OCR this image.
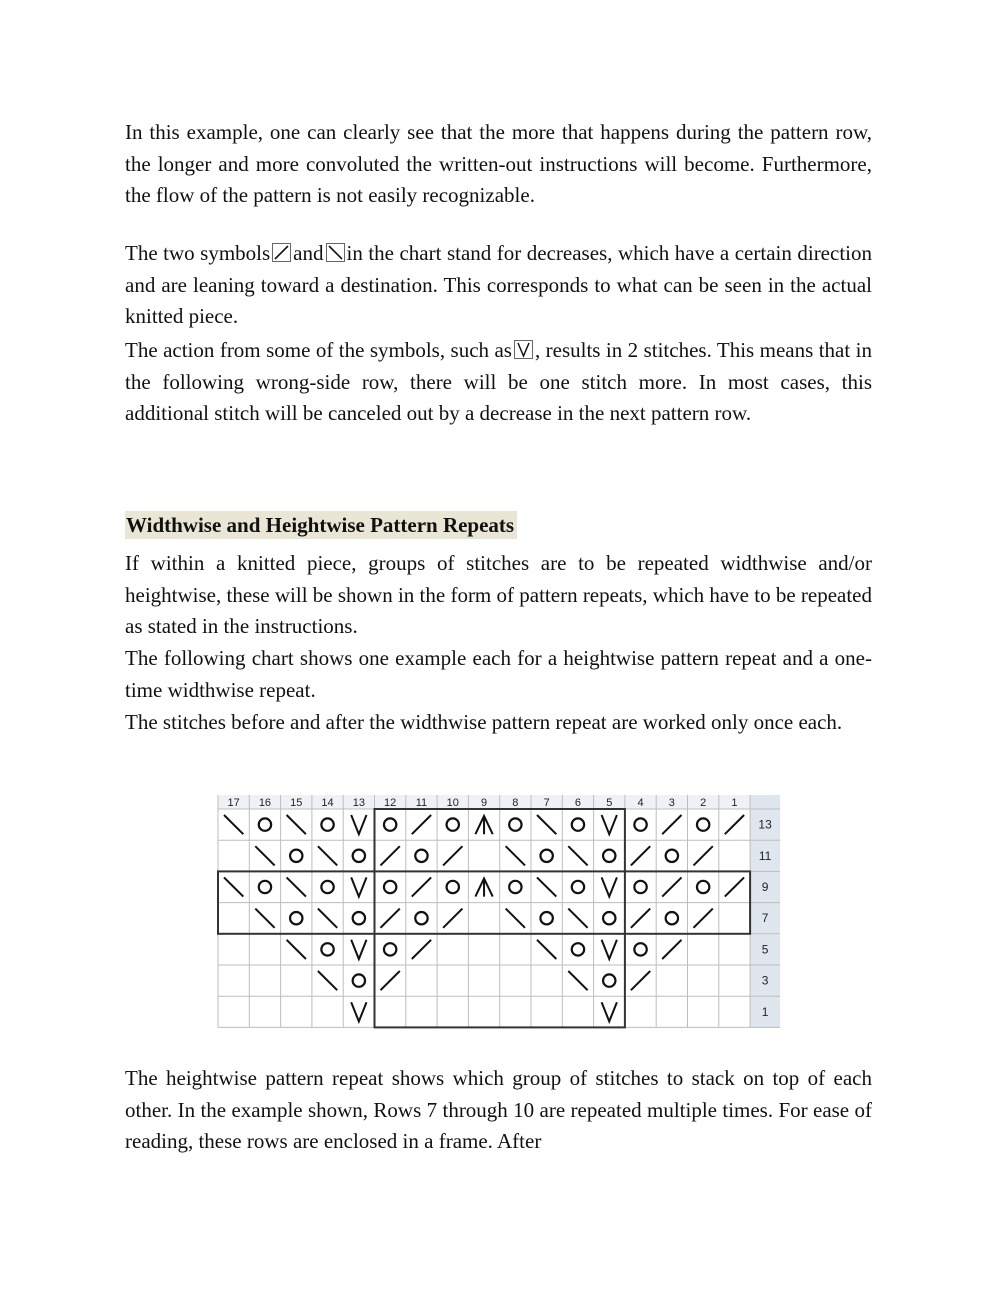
In this example, one can clearly see that the more that happens during the pattern row, the longer and more convoluted the written-out instructions will become. Furthermore, the flow of the pattern is not easily recognizable.

The two symbols and in the chart stand for decreases, which have a certain direction and are leaning toward a destination. This corresponds to what can be seen in the actual knitted piece.

The action from some of the symbols, such as , results in 2 stitches. This means that in the following wrong-side row, there will be one stitch more. In most cases, this additional stitch will be canceled out by a decrease in the next pattern row.

Widthwise and Heightwise Pattern Repeats

If within a knitted piece, groups of stitches are to be repeated widthwise and/or heightwise, these will be shown in the form of pattern repeats, which have to be repeated as stated in the instructions.

The following chart shows one example each for a heightwise pattern repeat and a one-time widthwise repeat.

The stitches before and after the widthwise pattern repeat are worked only once each.

17 16 15 14 13 12 11 10 9 8 7 6 5 4 3 2 1
13
11
9
7
5
3
1

The heightwise pattern repeat shows which group of stitches to stack on top of each other. In the example shown, Rows 7 through 10 are repeated multiple times. For ease of reading, these rows are enclosed in a frame. After
